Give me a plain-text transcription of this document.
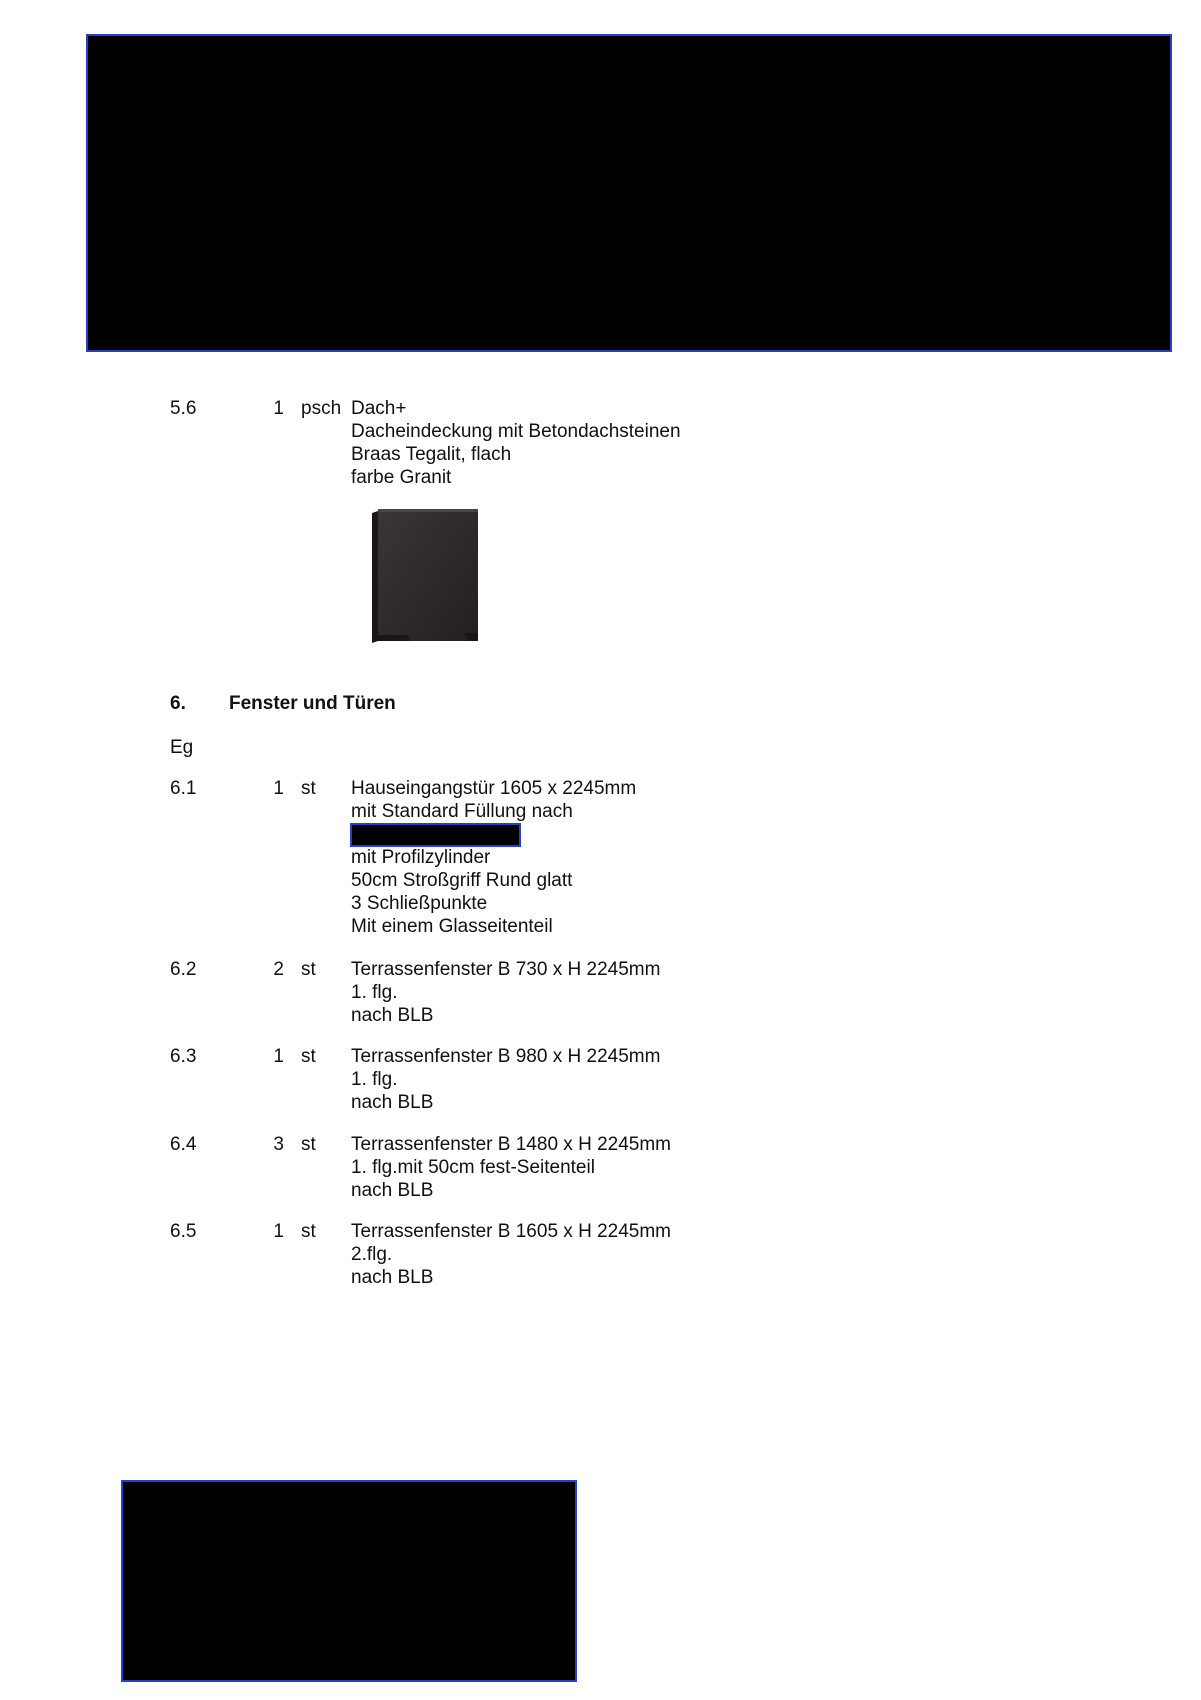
5.6	1 psch Dach+
Dacheindeckung mit Betondachsteinen
Braas Tegalit, flach
farbe Granit
6. Fenster und Türen
Eg
6.1	1 st Hauseingangstür 1605 x 2245mm
mit Standard Füllung nach
mit Profilzylinder
50cm Stroßgriff Rund glatt
3 Schließpunkte
Mit einem Glasseitenteil
6.2	2 st Terrassenfenster B 730 x H 2245mm
1. flg.
nach BLB
6.3	1 st Terrassenfenster B 980 x H 2245mm
1. flg.
nach BLB
6.4	3 st Terrassenfenster B 1480 x H 2245mm
1. flg.mit 50cm fest-Seitenteil
nach BLB
6.5	1 st Terrassenfenster B 1605 x H 2245mm
2.flg.
nach BLB
